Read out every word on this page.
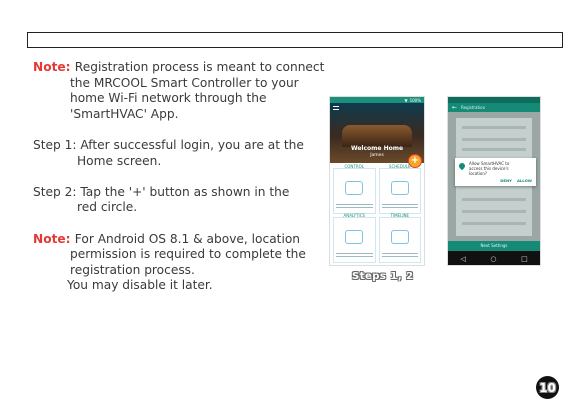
Note: Registration process is meant to connect
the MRCOOL Smart Controller to your
home Wi-Fi network through the
'SmartHVAC' App.
Step 1: After successful login, you are at the
Home screen.
Step 2: Tap the '+' button as shown in the
red circle.
Note: For Android OS 8.1 & above, location
permission is required to complete the
registration process.
You may disable it later.
▼ 100%
Welcome Home
James	+
CONTROL	SCHEDULE
ANALYTICS	TIMELINE
← Registration
Allow SmartHVAC to
access this device's
location?
DENY ALLOW
Next Settings
◁	○	□
Steps 1, 2
10
